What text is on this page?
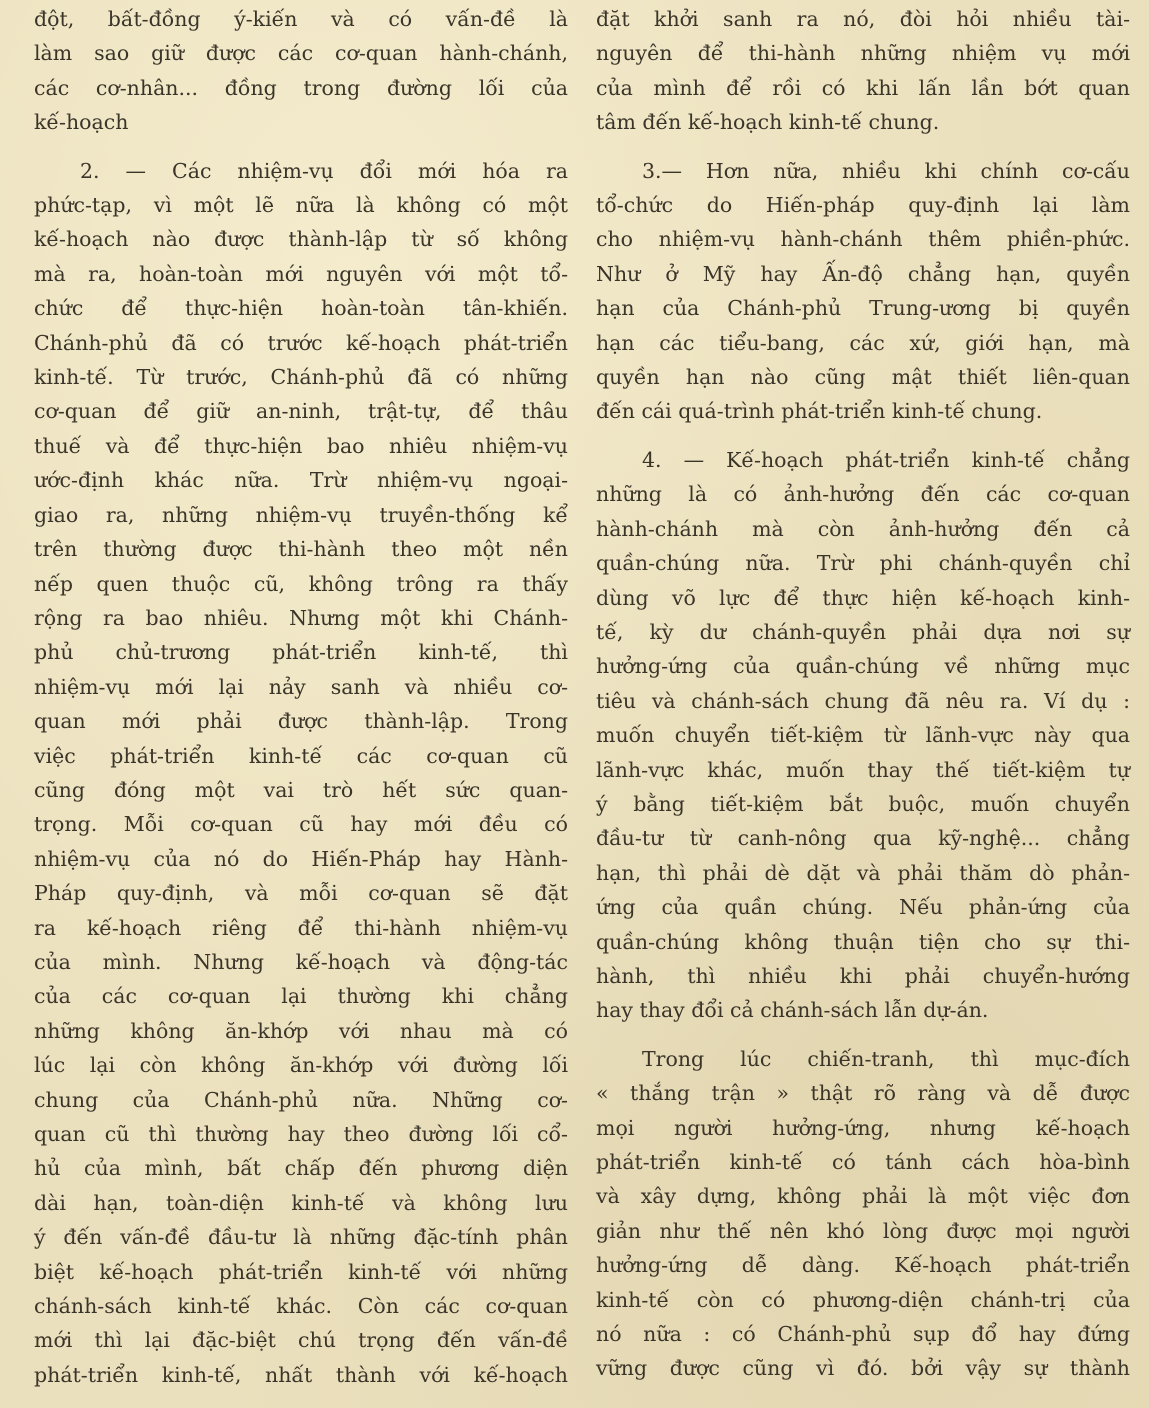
đột, bất-đồng ý-kiến và có vấn-đề là
làm sao giữ được các cơ-quan hành-chánh,
các cơ-nhân... đồng trong đường lối của
kế-hoạch

2. — Các nhiệm-vụ đổi mới hóa ra
phức-tạp, vì một lẽ nữa là không có một
kế-hoạch nào được thành-lập từ số không
mà ra, hoàn-toàn mới nguyên với một tổ-
chức để thực-hiện hoàn-toàn tân-khiến.
Chánh-phủ đã có trước kế-hoạch phát-triển
kinh-tế. Từ trước, Chánh-phủ đã có những
cơ-quan để giữ an-ninh, trật-tự, để thâu
thuế và để thực-hiện bao nhiêu nhiệm-vụ
ước-định khác nữa. Trừ nhiệm-vụ ngoại-
giao ra, những nhiệm-vụ truyền-thống kể
trên thường được thi-hành theo một nền
nếp quen thuộc cũ, không trông ra thấy
rộng ra bao nhiêu. Nhưng một khi Chánh-
phủ chủ-trương phát-triển kinh-tế, thì
nhiệm-vụ mới lại nảy sanh và nhiều cơ-
quan mới phải được thành-lập. Trong
việc phát-triển kinh-tế các cơ-quan cũ
cũng đóng một vai trò hết sức quan-
trọng. Mỗi cơ-quan cũ hay mới đều có
nhiệm-vụ của nó do Hiến-Pháp hay Hành-
Pháp quy-định, và mỗi cơ-quan sẽ đặt
ra kế-hoạch riêng để thi-hành nhiệm-vụ
của mình. Nhưng kế-hoạch và động-tác
của các cơ-quan lại thường khi chẳng
những không ăn-khớp với nhau mà có
lúc lại còn không ăn-khớp với đường lối
chung của Chánh-phủ nữa. Những cơ-
quan cũ thì thường hay theo đường lối cổ-
hủ của mình, bất chấp đến phương diện
dài hạn, toàn-diện kinh-tế và không lưu
ý đến vấn-đề đầu-tư là những đặc-tính phân
biệt kế-hoạch phát-triển kinh-tế với những
chánh-sách kinh-tế khác. Còn các cơ-quan
mới thì lại đặc-biệt chú trọng đến vấn-đề
phát-triển kinh-tế, nhất thành với kế-hoạch

đặt khởi sanh ra nó, đòi hỏi nhiều tài-
nguyên để thi-hành những nhiệm vụ mới
của mình để rồi có khi lấn lần bớt quan
tâm đến kế-hoạch kinh-tế chung.

3.— Hơn nữa, nhiều khi chính cơ-cấu
tổ-chức do Hiến-pháp quy-định lại làm
cho nhiệm-vụ hành-chánh thêm phiền-phức.
Như ở Mỹ hay Ấn-độ chẳng hạn, quyền
hạn của Chánh-phủ Trung-ương bị quyền
hạn các tiểu-bang, các xứ, giới hạn, mà
quyền hạn nào cũng mật thiết liên-quan
đến cái quá-trình phát-triển kinh-tế chung.

4. — Kế-hoạch phát-triển kinh-tế chẳng
những là có ảnh-hưởng đến các cơ-quan
hành-chánh mà còn ảnh-hưởng đến cả
quần-chúng nữa. Trừ phi chánh-quyền chỉ
dùng võ lực để thực hiện kế-hoạch kinh-
tế, kỳ dư chánh-quyền phải dựa nơi sự
hưởng-ứng của quần-chúng về những mục
tiêu và chánh-sách chung đã nêu ra. Ví dụ :
muốn chuyển tiết-kiệm từ lãnh-vực này qua
lãnh-vực khác, muốn thay thế tiết-kiệm tự
ý bằng tiết-kiệm bắt buộc, muốn chuyển
đầu-tư từ canh-nông qua kỹ-nghệ... chẳng
hạn, thì phải dè dặt và phải thăm dò phản-
ứng của quần chúng. Nếu phản-ứng của
quần-chúng không thuận tiện cho sự thi-
hành, thì nhiều khi phải chuyển-hướng
hay thay đổi cả chánh-sách lẫn dự-án.

Trong lúc chiến-tranh, thì mục-đích
« thắng trận » thật rõ ràng và dễ được
mọi người hưởng-ứng, nhưng kế-hoạch
phát-triển kinh-tế có tánh cách hòa-bình
và xây dựng, không phải là một việc đơn
giản như thế nên khó lòng được mọi người
hưởng-ứng dễ dàng. Kế-hoạch phát-triển
kinh-tế còn có phương-diện chánh-trị của
nó nữa : có Chánh-phủ sụp đổ hay đứng
vững được cũng vì đó. bởi vậy sự thành
